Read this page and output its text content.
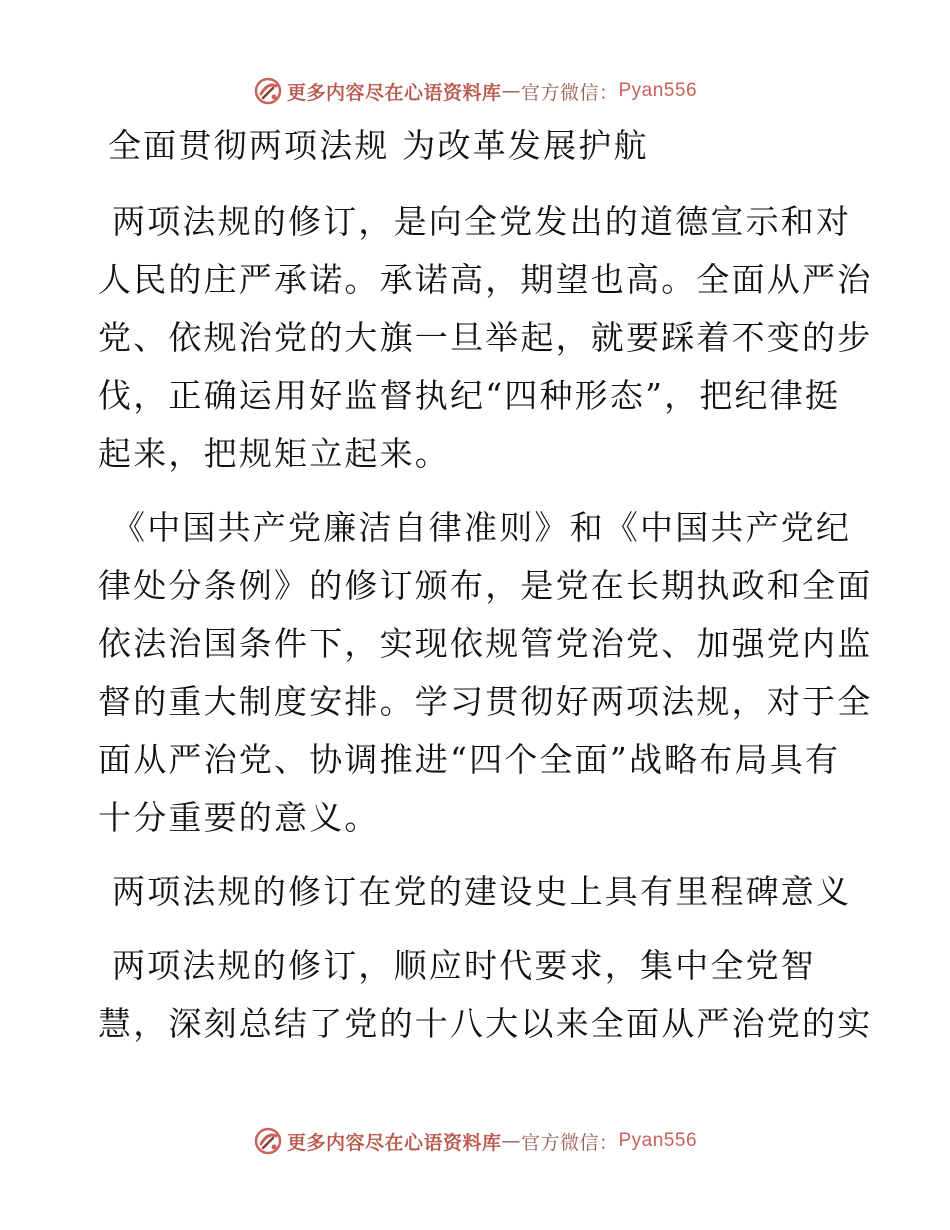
更多内容尽在心语资料库 — 官方微信： Pyan556
全面贯彻两项法规 为改革发展护航
两项法规的修订，是向全党发出的道德宣示和对
人民的庄严承诺。承诺高，期望也高。全面从严治
党、依规治党的大旗一旦举起，就要踩着不变的步
伐，正确运用好监督执纪“四种形态”，把纪律挺
起来，把规矩立起来。
《中国共产党廉洁自律准则》和《中国共产党纪
律处分条例》的修订颁布，是党在长期执政和全面
依法治国条件下，实现依规管党治党、加强党内监
督的重大制度安排。学习贯彻好两项法规，对于全
面从严治党、协调推进“四个全面”战略布局具有
十分重要的意义。
两项法规的修订在党的建设史上具有里程碑意义
两项法规的修订，顺应时代要求，集中全党智
慧，深刻总结了党的十八大以来全面从严治党的实
更多内容尽在心语资料库 — 官方微信： Pyan556
